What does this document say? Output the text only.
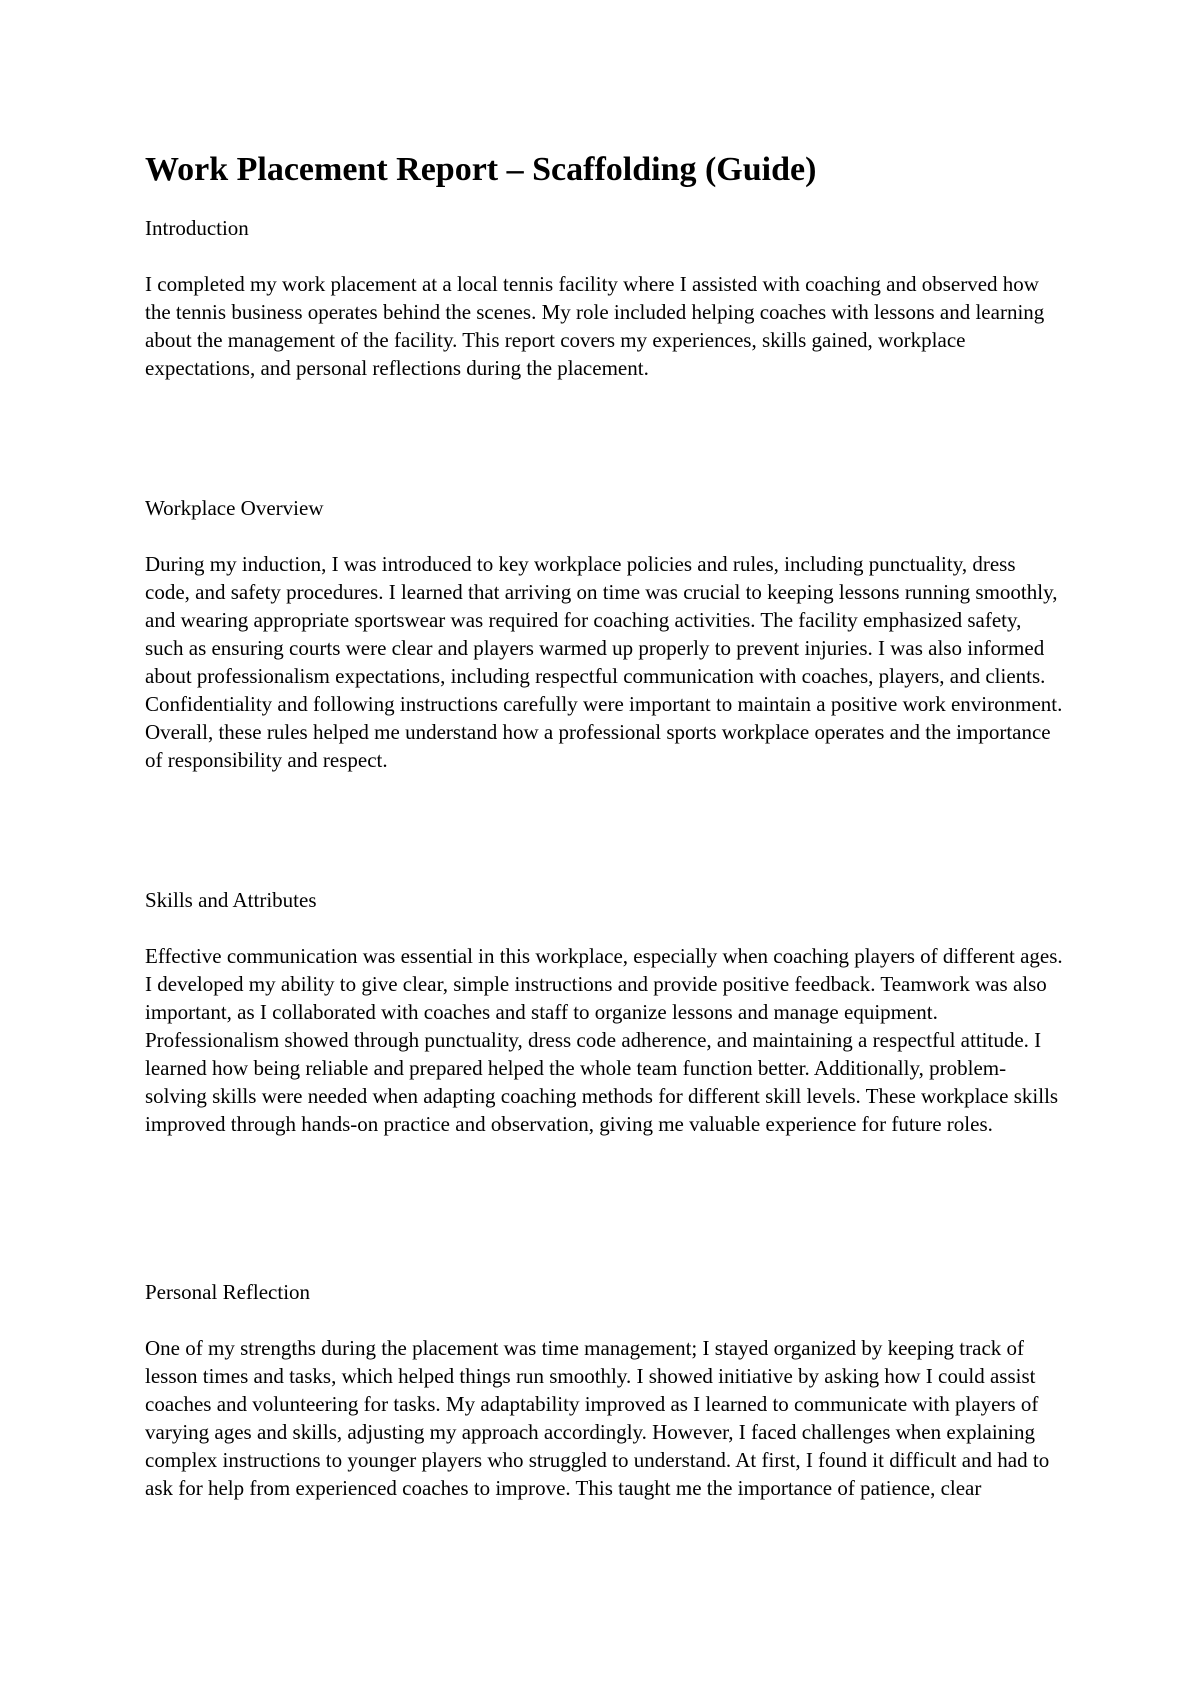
Work Placement Report – Scaffolding (Guide)
Introduction

I completed my work placement at a local tennis facility where I assisted with coaching and observed how the tennis business operates behind the scenes. My role included helping coaches with lessons and learning about the management of the facility. This report covers my experiences, skills gained, workplace expectations, and personal reflections during the placement.

Workplace Overview

During my induction, I was introduced to key workplace policies and rules, including punctuality, dress code, and safety procedures. I learned that arriving on time was crucial to keeping lessons running smoothly, and wearing appropriate sportswear was required for coaching activities. The facility emphasized safety, such as ensuring courts were clear and players warmed up properly to prevent injuries. I was also informed about professionalism expectations, including respectful communication with coaches, players, and clients. Confidentiality and following instructions carefully were important to maintain a positive work environment. Overall, these rules helped me understand how a professional sports workplace operates and the importance of responsibility and respect.

Skills and Attributes

Effective communication was essential in this workplace, especially when coaching players of different ages. I developed my ability to give clear, simple instructions and provide positive feedback. Teamwork was also important, as I collaborated with coaches and staff to organize lessons and manage equipment. Professionalism showed through punctuality, dress code adherence, and maintaining a respectful attitude. I learned how being reliable and prepared helped the whole team function better. Additionally, problem-solving skills were needed when adapting coaching methods for different skill levels. These workplace skills improved through hands-on practice and observation, giving me valuable experience for future roles.

Personal Reflection

One of my strengths during the placement was time management; I stayed organized by keeping track of lesson times and tasks, which helped things run smoothly. I showed initiative by asking how I could assist coaches and volunteering for tasks. My adaptability improved as I learned to communicate with players of varying ages and skills, adjusting my approach accordingly. However, I faced challenges when explaining complex instructions to younger players who struggled to understand. At first, I found it difficult and had to ask for help from experienced coaches to improve. This taught me the importance of patience, clear
